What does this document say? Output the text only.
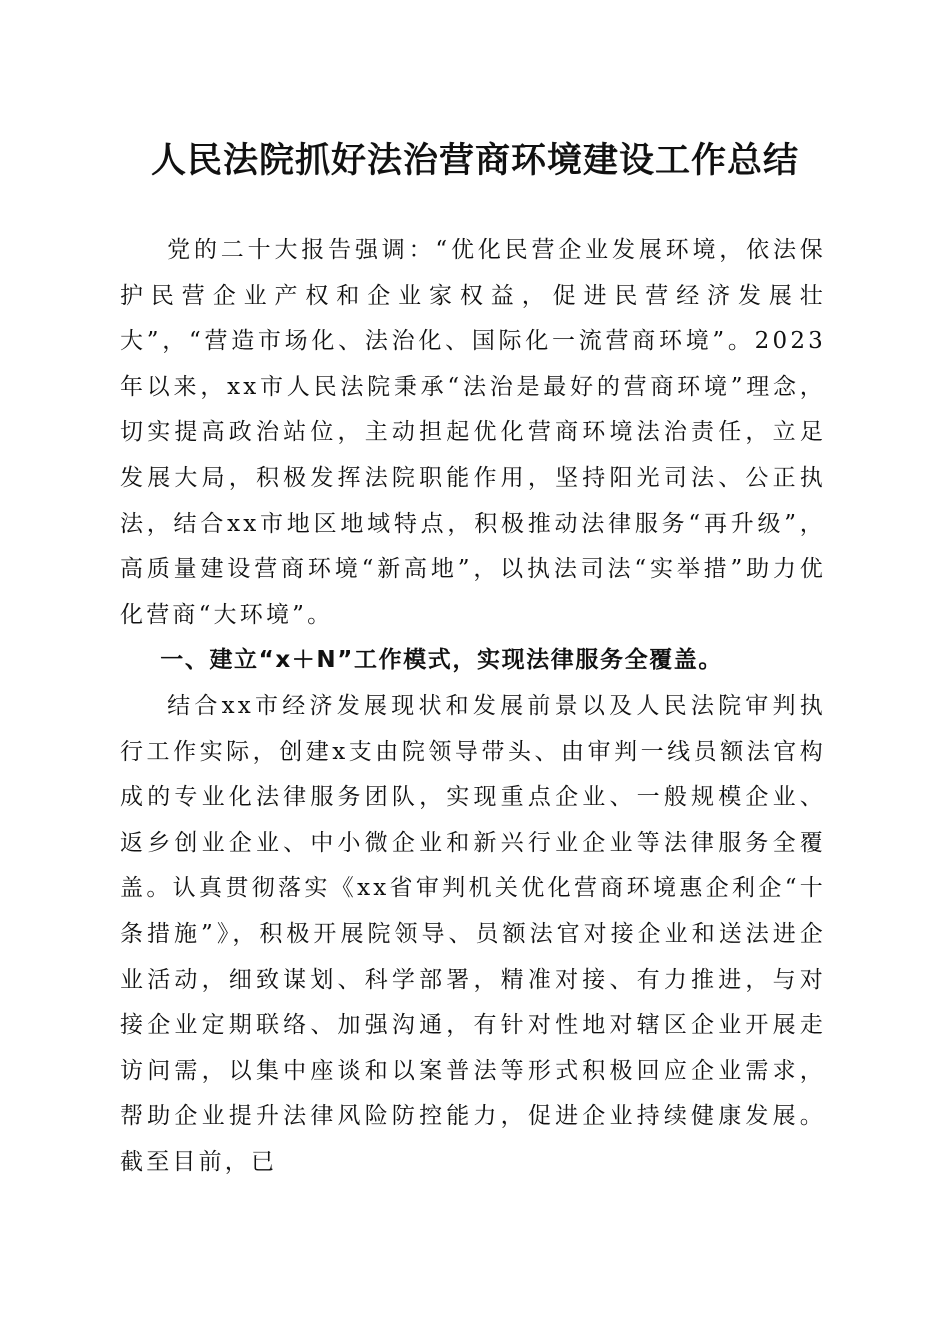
人民法院抓好法治营商环境建设工作总结

党的二十大报告强调：“优化民营企业发展环境，依法保护民营企业产权和企业家权益，促进民营经济发展壮大”，“营造市场化、法治化、国际化一流营商环境”。2023年以来，xx市人民法院秉承“法治是最好的营商环境”理念，切实提高政治站位，主动担起优化营商环境法治责任，立足发展大局，积极发挥法院职能作用，坚持阳光司法、公正执法，结合xx市地区地域特点，积极推动法律服务“再升级”，高质量建设营商环境“新高地”，以执法司法“实举措”助力优化营商“大环境”。

一、建立“x＋N”工作模式，实现法律服务全覆盖。

结合xx市经济发展现状和发展前景以及人民法院审判执行工作实际，创建x支由院领导带头、由审判一线员额法官构成的专业化法律服务团队，实现重点企业、一般规模企业、返乡创业企业、中小微企业和新兴行业企业等法律服务全覆盖。认真贯彻落实《xx省审判机关优化营商环境惠企利企“十条措施”》，积极开展院领导、员额法官对接企业和送法进企业活动，细致谋划、科学部署，精准对接、有力推进，与对接企业定期联络、加强沟通，有针对性地对辖区企业开展走访问需，以集中座谈和以案普法等形式积极回应企业需求，帮助企业提升法律风险防控能力，促进企业持续健康发展。截至目前，已
